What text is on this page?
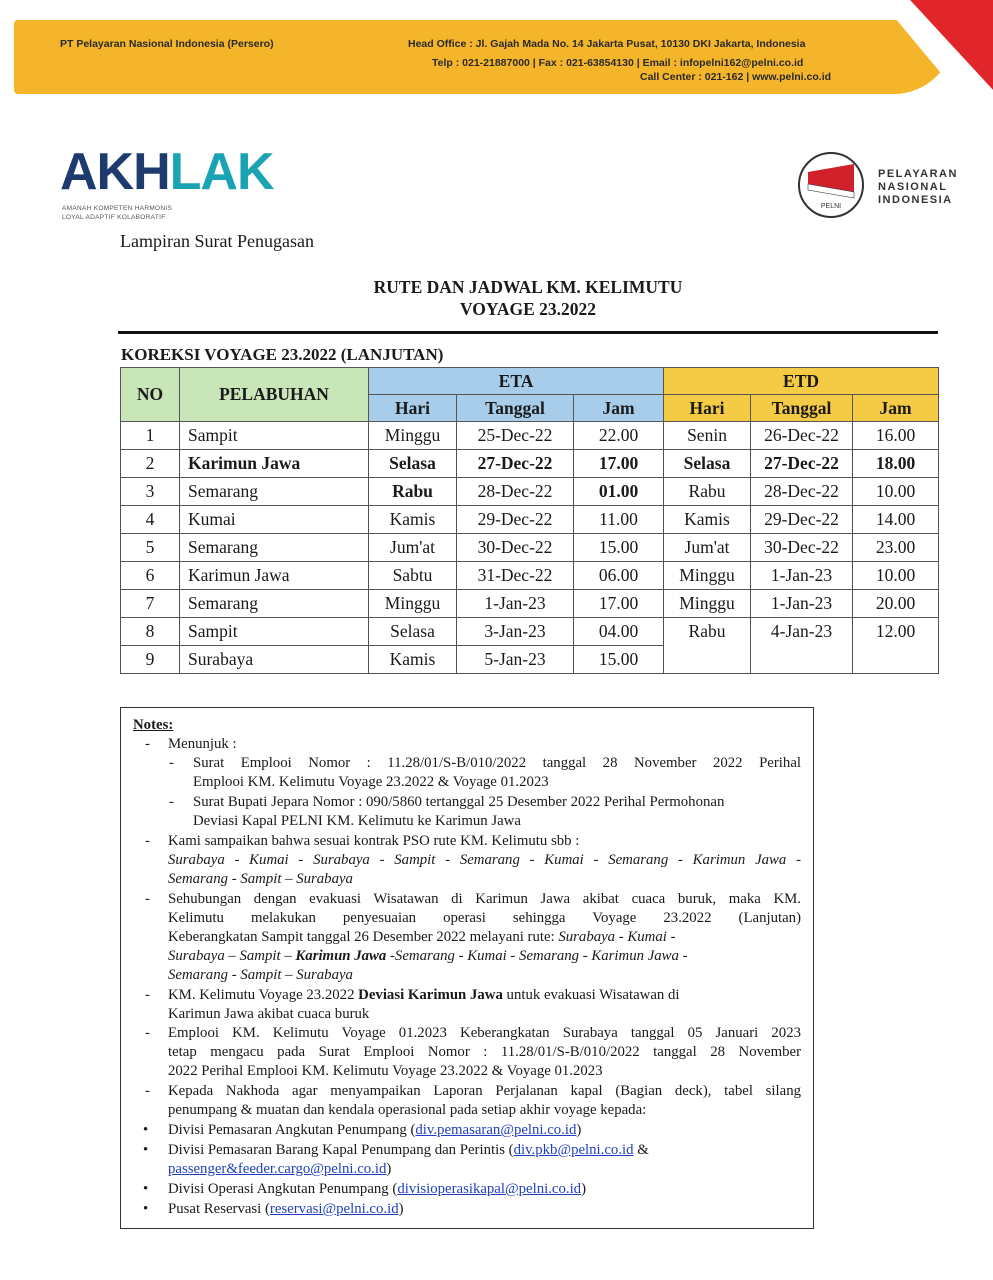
PT Pelayaran Nasional Indonesia (Persero)	Head Office : Jl. Gajah Mada No. 14 Jakarta Pusat, 10130 DKI Jakarta, Indonesia
Telp : 021-21887000 | Fax : 021-63854130 | Email : infopelni162@pelni.co.id
Call Center : 021-162 | www.pelni.co.id
AKHLAK
AMANAH KOMPETEN HARMONIS
LOYAL ADAPTIF KOLABORATIF
PELNI
PELAYARAN
NASIONAL
INDONESIA
Lampiran Surat Penugasan
RUTE DAN JADWAL KM. KELIMUTU
VOYAGE 23.2022
KOREKSI VOYAGE 23.2022 (LANJUTAN)
NO	PELABUHAN	ETA			ETD		
		Hari	Tanggal	Jam	Hari	Tanggal	Jam
1	Sampit	Minggu	25-Dec-22	22.00	Senin	26-Dec-22	16.00
2	Karimun Jawa	Selasa	27-Dec-22	17.00	Selasa	27-Dec-22	18.00
3	Semarang	Rabu	28-Dec-22	01.00	Rabu	28-Dec-22	10.00
4	Kumai	Kamis	29-Dec-22	11.00	Kamis	29-Dec-22	14.00
5	Semarang	Jum'at	30-Dec-22	15.00	Jum'at	30-Dec-22	23.00
6	Karimun Jawa	Sabtu	31-Dec-22	06.00	Minggu	1-Jan-23	10.00
7	Semarang	Minggu	1-Jan-23	17.00	Minggu	1-Jan-23	20.00
8	Sampit	Selasa	3-Jan-23	04.00	Rabu	4-Jan-23	12.00
9	Surabaya	Kamis	5-Jan-23	15.00			
Notes:
- Menunjuk :
- Surat Emplooi Nomor : 11.28/01/S-B/010/2022 tanggal 28 November 2022 Perihal
Emplooi KM. Kelimutu Voyage 23.2022 & Voyage 01.2023
- Surat Bupati Jepara Nomor : 090/5860 tertanggal 25 Desember 2022 Perihal Permohonan
Deviasi Kapal PELNI KM. Kelimutu ke Karimun Jawa
- Kami sampaikan bahwa sesuai kontrak PSO rute KM. Kelimutu sbb :
Surabaya - Kumai - Surabaya - Sampit - Semarang - Kumai - Semarang - Karimun Jawa -
Semarang - Sampit – Surabaya
- Sehubungan dengan evakuasi Wisatawan di Karimun Jawa akibat cuaca buruk, maka KM.
Kelimutu melakukan penyesuaian operasi sehingga Voyage 23.2022 (Lanjutan)
Keberangkatan Sampit tanggal 26 Desember 2022 melayani rute: Surabaya - Kumai -
Surabaya – Sampit – Karimun Jawa -Semarang - Kumai - Semarang - Karimun Jawa -
Semarang - Sampit – Surabaya
- KM. Kelimutu Voyage 23.2022 Deviasi Karimun Jawa untuk evakuasi Wisatawan di
Karimun Jawa akibat cuaca buruk
- Emplooi KM. Kelimutu Voyage 01.2023 Keberangkatan Surabaya tanggal 05 Januari 2023
tetap mengacu pada Surat Emplooi Nomor : 11.28/01/S-B/010/2022 tanggal 28 November
2022 Perihal Emplooi KM. Kelimutu Voyage 23.2022 & Voyage 01.2023
- Kepada Nakhoda agar menyampaikan Laporan Perjalanan kapal (Bagian deck), tabel silang
penumpang & muatan dan kendala operasional pada setiap akhir voyage kepada:
• Divisi Pemasaran Angkutan Penumpang (div.pemasaran@pelni.co.id)
• Divisi Pemasaran Barang Kapal Penumpang dan Perintis (div.pkb@pelni.co.id &
passenger&feeder.cargo@pelni.co.id)
• Divisi Operasi Angkutan Penumpang (divisioperasikapal@pelni.co.id)
• Pusat Reservasi (reservasi@pelni.co.id)
